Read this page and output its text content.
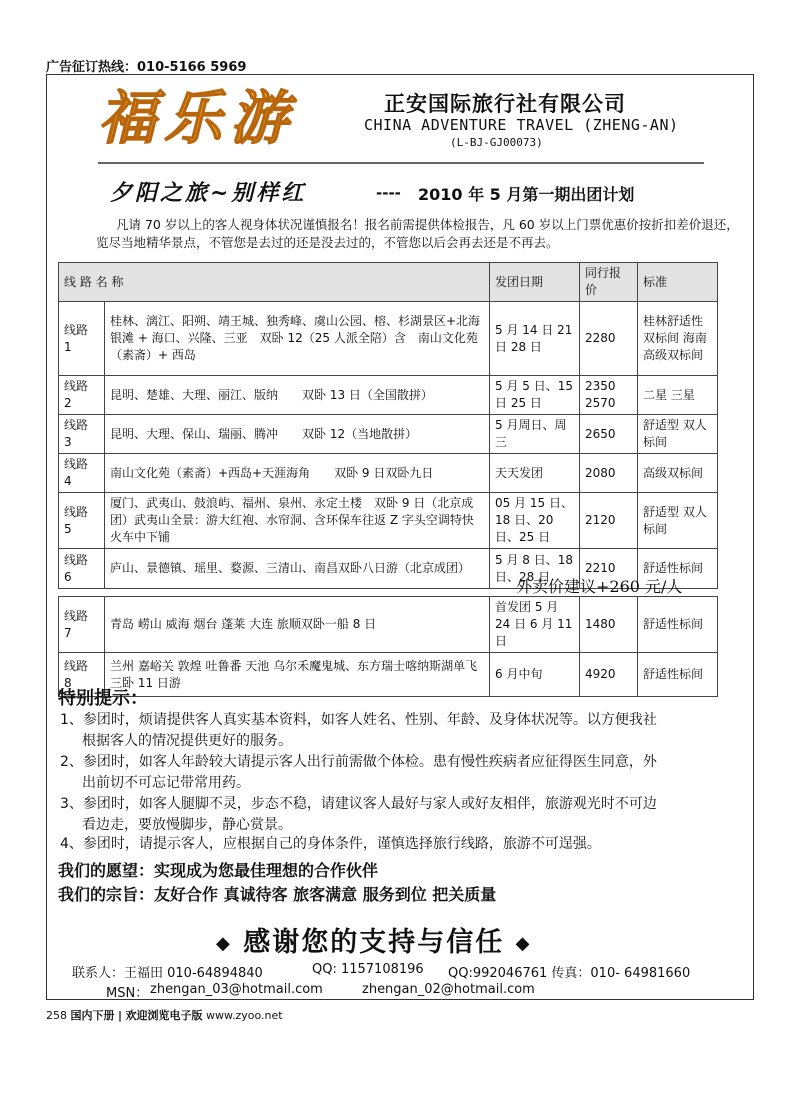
广告征订热线：010-5166 5969
福乐游	正安国际旅行社有限公司
CHINA ADVENTURE TRAVEL (ZHENG-AN)
(L-BJ-GJ00073)
夕阳之旅~别样红	---- 2010 年 5 月第一期出团计划
凡请 70 岁以上的客人视身体状况谨慎报名！报名前需提供体检报告，凡 60 岁以上门票优惠价按折扣差价退还，览尽当地精华景点，不管您是去过的还是没去过的，不管您以后会再去还是不再去。
线 路 名 称		发团日期	同行报价	标准
线路 1	桂林、漓江、阳朔、靖王城、独秀峰、虞山公园、榕、杉湖景区+北海银滩 + 海口、兴隆、三亚　双卧 12（25 人派全陪）含　南山文化苑（素斋）+ 西岛	5 月 14 日 21 日 28 日	2280	桂林舒适性双标间 海南高级双标间
线路 2	昆明、楚雄、大理、丽江、版纳　　双卧 13 日（全国散拼）	5 月 5 日、15 日 25 日	2350 2570	二星 三星
线路 3	昆明、大理、保山、瑞丽、腾冲　　双卧 12（当地散拼）	5 月周日、周三	2650	舒适型 双人标间
线路 4	南山文化苑（素斋）+西岛+天涯海角　　双卧 9 日双卧九日	天天发团	2080	高级双标间
线路 5	厦门、武夷山、鼓浪屿、福州、泉州、永定土楼　双卧 9 日（北京成团）武夷山全景：游大红袍、水帘洞、含环保车往返 Z 字头空调特快火车中下铺	05 月 15 日、18 日、20 日、25 日	2120	舒适型 双人标间
线路 6	庐山、景德镇、瑶里、婺源、三清山、南昌双卧八日游（北京成团）	5 月 8 日、18 日、28 日	2210	舒适性标间
外卖价建议+260 元/人
线路 7	青岛 崂山 威海 烟台 蓬莱 大连 旅顺双卧一船 8 日	首发团 5 月 24 日 6 月 11 日	1480	舒适性标间
线路 8	兰州 嘉峪关 敦煌 吐鲁番 天池 乌尔禾魔鬼城、东方瑞士喀纳斯湖单飞三卧 11 日游	6 月中旬	4920	舒适性标间
特别提示：
1、参团时，烦请提供客人真实基本资料，如客人姓名、性别、年龄、及身体状况等。以方便我社
根据客人的情况提供更好的服务。
2、参团时，如客人年龄较大请提示客人出行前需做个体检。患有慢性疾病者应征得医生同意，外
出前切不可忘记带常用药。
3、参团时，如客人腿脚不灵，步态不稳，请建议客人最好与家人或好友相伴，旅游观光时不可边
看边走，要放慢脚步，静心赏景。
4、参团时，请提示客人，应根据自己的身体条件，谨慎选择旅行线路，旅游不可逞强。
我们的愿望：实现成为您最佳理想的合作伙伴
我们的宗旨：友好合作 真诚待客 旅客满意 服务到位 把关质量
◆ 感谢您的支持与信任 ◆
联系人：王福田 010-64894840	QQ: 1157108196 QQ:992046761 传真：010- 64981660
MSN： zhengan_03@hotmail.com	zhengan_02@hotmail.com
258 国内下册 | 欢迎浏览电子版 www.zyoo.net
